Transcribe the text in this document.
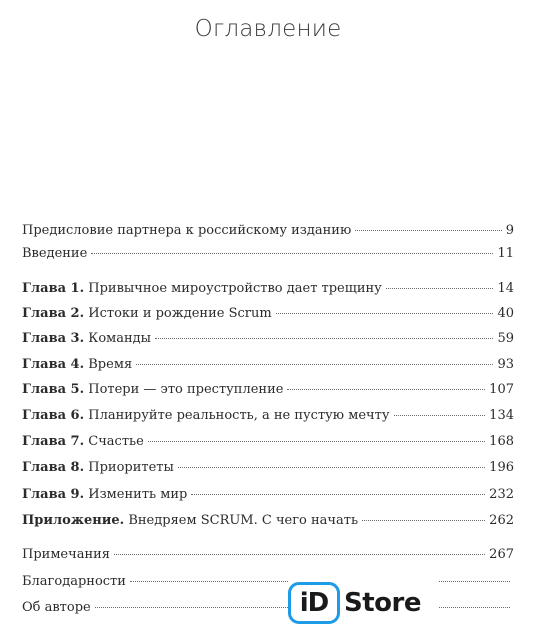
Оглавление
Предисловие партнера к российскому изданию	9
Введение	11
Глава 1. Привычное мироустройство дает трещину	14
Глава 2. Истоки и рождение Scrum	40
Глава 3. Команды	59
Глава 4. Время	93
Глава 5. Потери — это преступление	107
Глава 6. Планируйте реальность, а не пустую мечту	134
Глава 7. Счастье	168
Глава 8. Приоритеты	196
Глава 9. Изменить мир	232
Приложение. Внедряем SCRUM. С чего начать	262
Примечания	267
Благодарности
Об авторе	i D Store
